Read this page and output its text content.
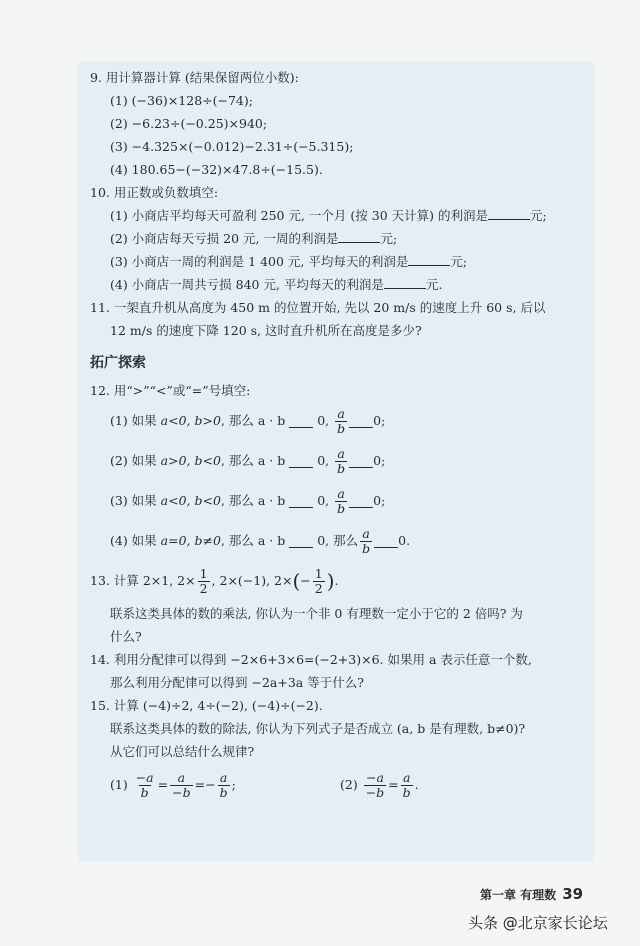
9. 用计算器计算 (结果保留两位小数):
(1) (−36)×128÷(−74);
(2) −6.23÷(−0.25)×940;
(3) −4.325×(−0.012)−2.31÷(−5.315);
(4) 180.65−(−32)×47.8÷(−15.5).
10. 用正数或负数填空:
(1) 小商店平均每天可盈利 250 元, 一个月 (按 30 天计算) 的利润是	元;
(2) 小商店每天亏损 20 元, 一周的利润是	元;
(3) 小商店一周的利润是 1 400 元, 平均每天的利润是	元;
(4) 小商店一周共亏损 840 元, 平均每天的利润是	元.
11. 一架直升机从高度为 450 m 的位置开始, 先以 20 m/s 的速度上升 60 s, 后以
12 m/s 的速度下降 120 s, 这时直升机所在高度是多少?
拓广探索
12. 用“>”“<”或“=”号填空:
(1) 如果
a<0, b>0 , 那么 a · b

	0,
$\frac{a}{b} 0$;
(2) 如果
a>0, b<0 , 那么 a · b

	0,
$\frac{a}{b} 0$;
(3) 如果
a<0, b<0 , 那么 a · b

	0,
$\frac{a}{b} 0$;
(4) 如果
a=0, b≠0 , 那么 a · b

	0, 那么 $\frac{a}{b} 0$.
13. 计算 2×1, $2\times \frac{1}{2}$ , 2×(−1), 2× ( − $\frac{1}{2}$ ) .
联系这类具体的数的乘法, 你认为一个非 0 有理数一定小于它的 2 倍吗? 为
什么?
14. 利用分配律可以得到 −2×6+3×6=(−2+3)×6. 如果用 a 表示任意一个数,
那么利用分配律可以得到 −2a+3a 等于什么?
15. 计算 (−4)÷2, 4÷(−2), (−4)÷(−2).
联系这类具体的数的除法, 你认为下列式子是否成立 (a, b 是有理数, b≠0)?
从它们可以总结什么规律?
(1)
$\frac{-a}{b} = \frac{a}{-b} =- \frac{a}{b}$ ;	(2)
$\frac{-a}{-b} = \frac{a}{b}$ .
第一章 有理数 39
头条 @北京家长论坛
